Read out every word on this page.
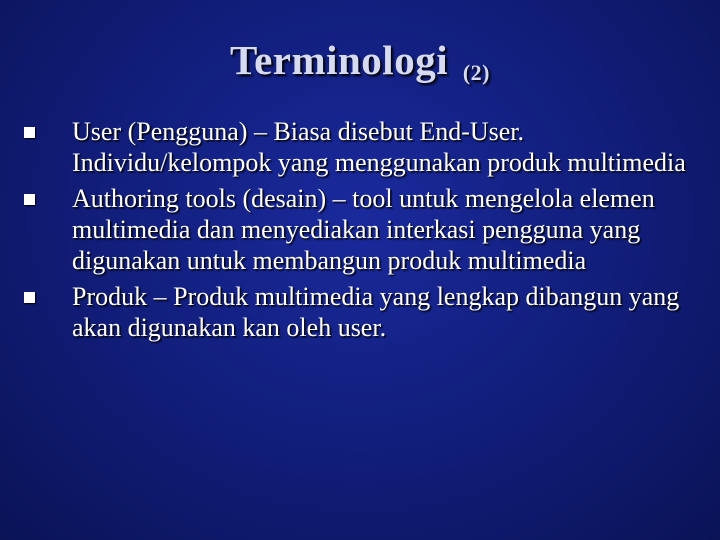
Terminologi $_{(2)}$
User (Pengguna) – Biasa disebut End-User. Individu/kelompok yang menggunakan produk multimedia
Authoring tools (desain) – tool untuk mengelola elemen multimedia dan menyediakan interkasi pengguna yang digunakan untuk membangun produk multimedia
Produk – Produk multimedia yang lengkap dibangun yang akan digunakan kan oleh user.
